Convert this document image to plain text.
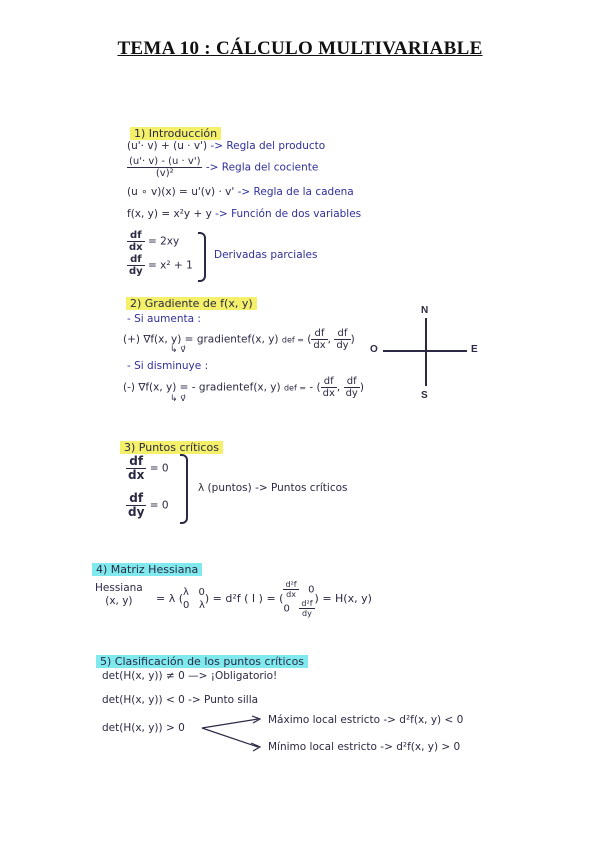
TEMA 10 : CÁLCULO MULTIVARIABLE
1) Introducción
(u'· v) + (u · v') -> Regla del producto
$\frac{(u'\cdot v) - (u \cdot v')}{\text{(v)²}}$ -> Regla del cociente
(u ∘ v)(x) = u'(v) · v' -> Regla de la cadena
f(x, y) = x²y + y -> Función de dos variables
$\frac{df}{dx} = 2xy$
$\frac{df}{dy} = x^2 + 1$
Derivadas parciales
2) Gradiente de f(x, y)
- Si aumenta :
(+) ∇f(x, y) = gradientef(x, y) def = ( $\frac{df}{dx}$ , $\frac{df}{dy}$ )
↳ v⃗
- Si disminuye :
(-) ∇f(x, y) = - gradientef(x, y) def = - ( $\frac{df}{dx}$ , $\frac{df}{dy}$ )
↳ v⃗
N
E
S
O
3) Puntos críticos
$\frac{df}{dx} = 0$
$\frac{df}{dy} = 0$
λ (puntos) -> Puntos críticos
4) Matriz Hessiana
Hessiana
(x, y)	= λ (λ 0
0 λ) = d²f ( I ) = ( $\frac{\text{d²f}}{dx} 0$
$0 \frac{\text{d²f}}{dy}$
) = H(x, y)
5) Clasificación de los puntos críticos
det(H(x, y)) ≠ 0 —> ¡Obligatorio!
det(H(x, y)) < 0 -> Punto silla
det(H(x, y)) > 0
Máximo local estricto -> d²f(x, y) < 0
Mínimo local estricto -> d²f(x, y) > 0
